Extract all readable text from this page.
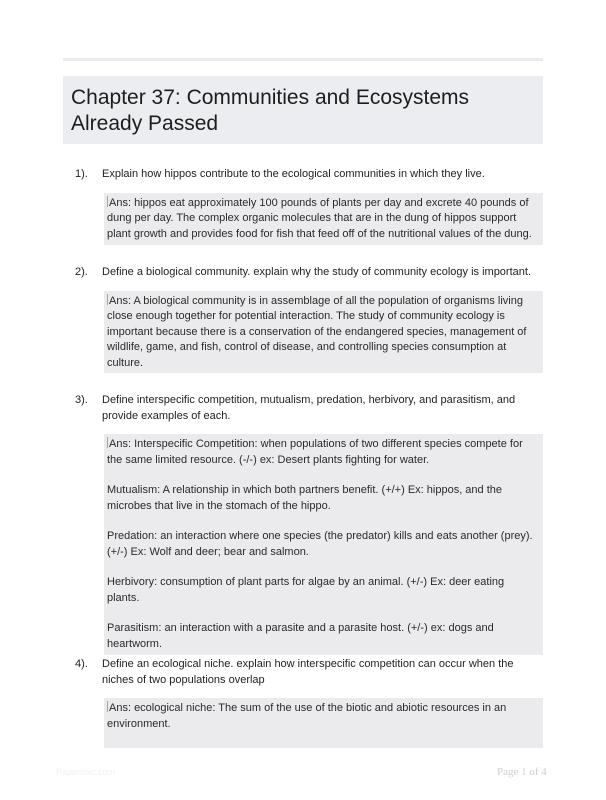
Chapter 37: Communities and Ecosystems Already Passed
1). Explain how hippos contribute to the ecological communities in which they live.

Ans: hippos eat approximately 100 pounds of plants per day and excrete 40 pounds of dung per day. The complex organic molecules that are in the dung of hippos support plant growth and provides food for fish that feed off of the nutritional values of the dung.

2). Define a biological community. explain why the study of community ecology is important.

Ans: A biological community is in assemblage of all the population of organisms living close enough together for potential interaction. The study of community ecology is important because there is a conservation of the endangered species, management of wildlife, game, and fish, control of disease, and controlling species consumption at culture.

3). Define interspecific competition, mutualism, predation, herbivory, and parasitism, and provide examples of each.

Ans: Interspecific Competition: when populations of two different species compete for the same limited resource. (-/-) ex: Desert plants fighting for water.

Mutualism: A relationship in which both partners benefit. (+/+) Ex: hippos, and the microbes that live in the stomach of the hippo.

Predation: an interaction where one species (the predator) kills and eats another (prey). (+/-) Ex: Wolf and deer; bear and salmon.

Herbivory: consumption of plant parts for algae by an animal. (+/-) Ex: deer eating plants.

Parasitism: an interaction with a parasite and a parasite host. (+/-) ex: dogs and heartworm.

4). Define an ecological niche. explain how interspecific competition can occur when the niches of two populations overlap

Ans: ecological niche: The sum of the use of the biotic and abiotic resources in an environment.

Paperlibic.com	Page 1 of 4
